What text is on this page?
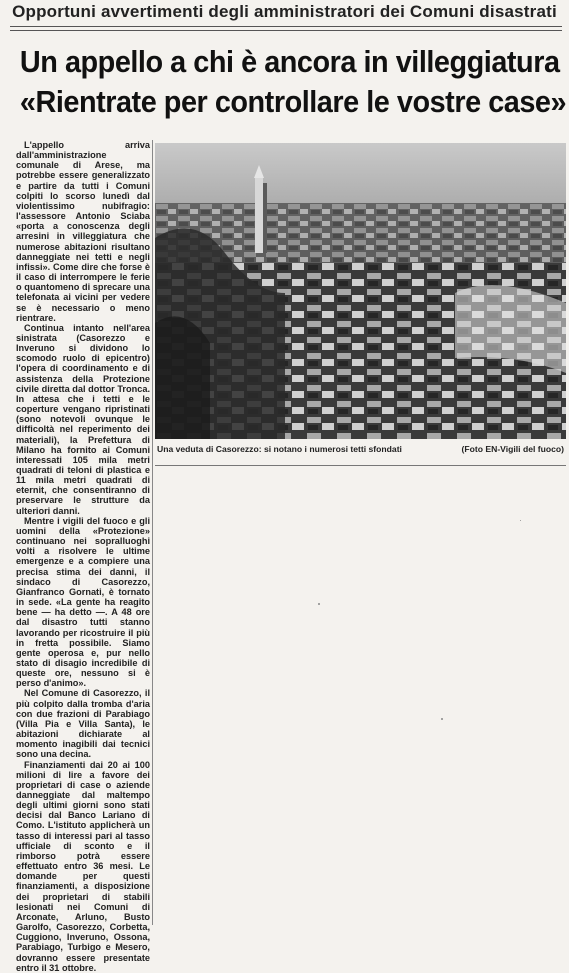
Opportuni avvertimenti degli amministratori dei Comuni disastrati
Un appello a chi è ancora in villeggiatura
«Rientrate per controllare le vostre case»

L'appello arriva dall'amministrazione comunale di Arese, ma potrebbe essere generalizzato e partire da tutti i Comuni colpiti lo scorso lunedì dal violentissimo nubifragio: l'assessore Antonio Sciaba «porta a conoscenza degli arresini in villeggiatura che numerose abitazioni risultano danneggiate nei tetti e negli infissi». Come dire che forse è il caso di interrompere le ferie o quantomeno di sprecare una telefonata ai vicini per vedere se è necessario o meno rientrare.

Continua intanto nell'area sinistrata (Casorezzo e Inveruno si dividono lo scomodo ruolo di epicentro) l'opera di coordinamento e di assistenza della Protezione civile diretta dal dottor Tronca. In attesa che i tetti e le coperture vengano ripristinati (sono notevoli ovunque le difficoltà nel reperimento dei materiali), la Prefettura di Milano ha fornito ai Comuni interessati 105 mila metri quadrati di teloni di plastica e 11 mila metri quadrati di eternit, che consentiranno di preservare le strutture da ulteriori danni.

Mentre i vigili del fuoco e gli uomini della «Protezione» continuano nei sopralluoghi volti a risolvere le ultime emergenze e a compiere una precisa stima dei danni, il sindaco di Casorezzo, Gianfranco Gornati, è tornato in sede. «La gente ha reagito bene — ha detto —. A 48 ore dal disastro tutti stanno lavorando per ricostruire il più in fretta possibile. Siamo gente operosa e, pur nello stato di disagio incredibile di queste ore, nessuno si è perso d'animo».

Nel Comune di Casorezzo, il più colpito dalla tromba d'aria con due frazioni di Parabiago (Villa Pia e Villa Santa), le abitazioni dichiarate al momento inagibili dai tecnici sono una decina.

Finanziamenti dai 20 ai 100 milioni di lire a favore dei proprietari di case o aziende danneggiate dal maltempo degli ultimi giorni sono stati decisi dal Banco Lariano di Como. L'istituto applicherà un tasso di interessi pari al tasso ufficiale di sconto e il rimborso potrà essere effettuato entro 36 mesi. Le domande per questi finanziamenti, a disposizione dei proprietari di stabili lesionati nei Comuni di Arconate, Arluno, Busto Garolfo, Casorezzo, Corbetta, Cuggiono, Inveruno, Ossona, Parabiago, Turbigo e Mesero, dovranno essere presentate entro il 31 ottobre.

Una veduta di Casorezzo: si notano i numerosi tetti sfondati	(Foto EN-Vigili del fuoco)
